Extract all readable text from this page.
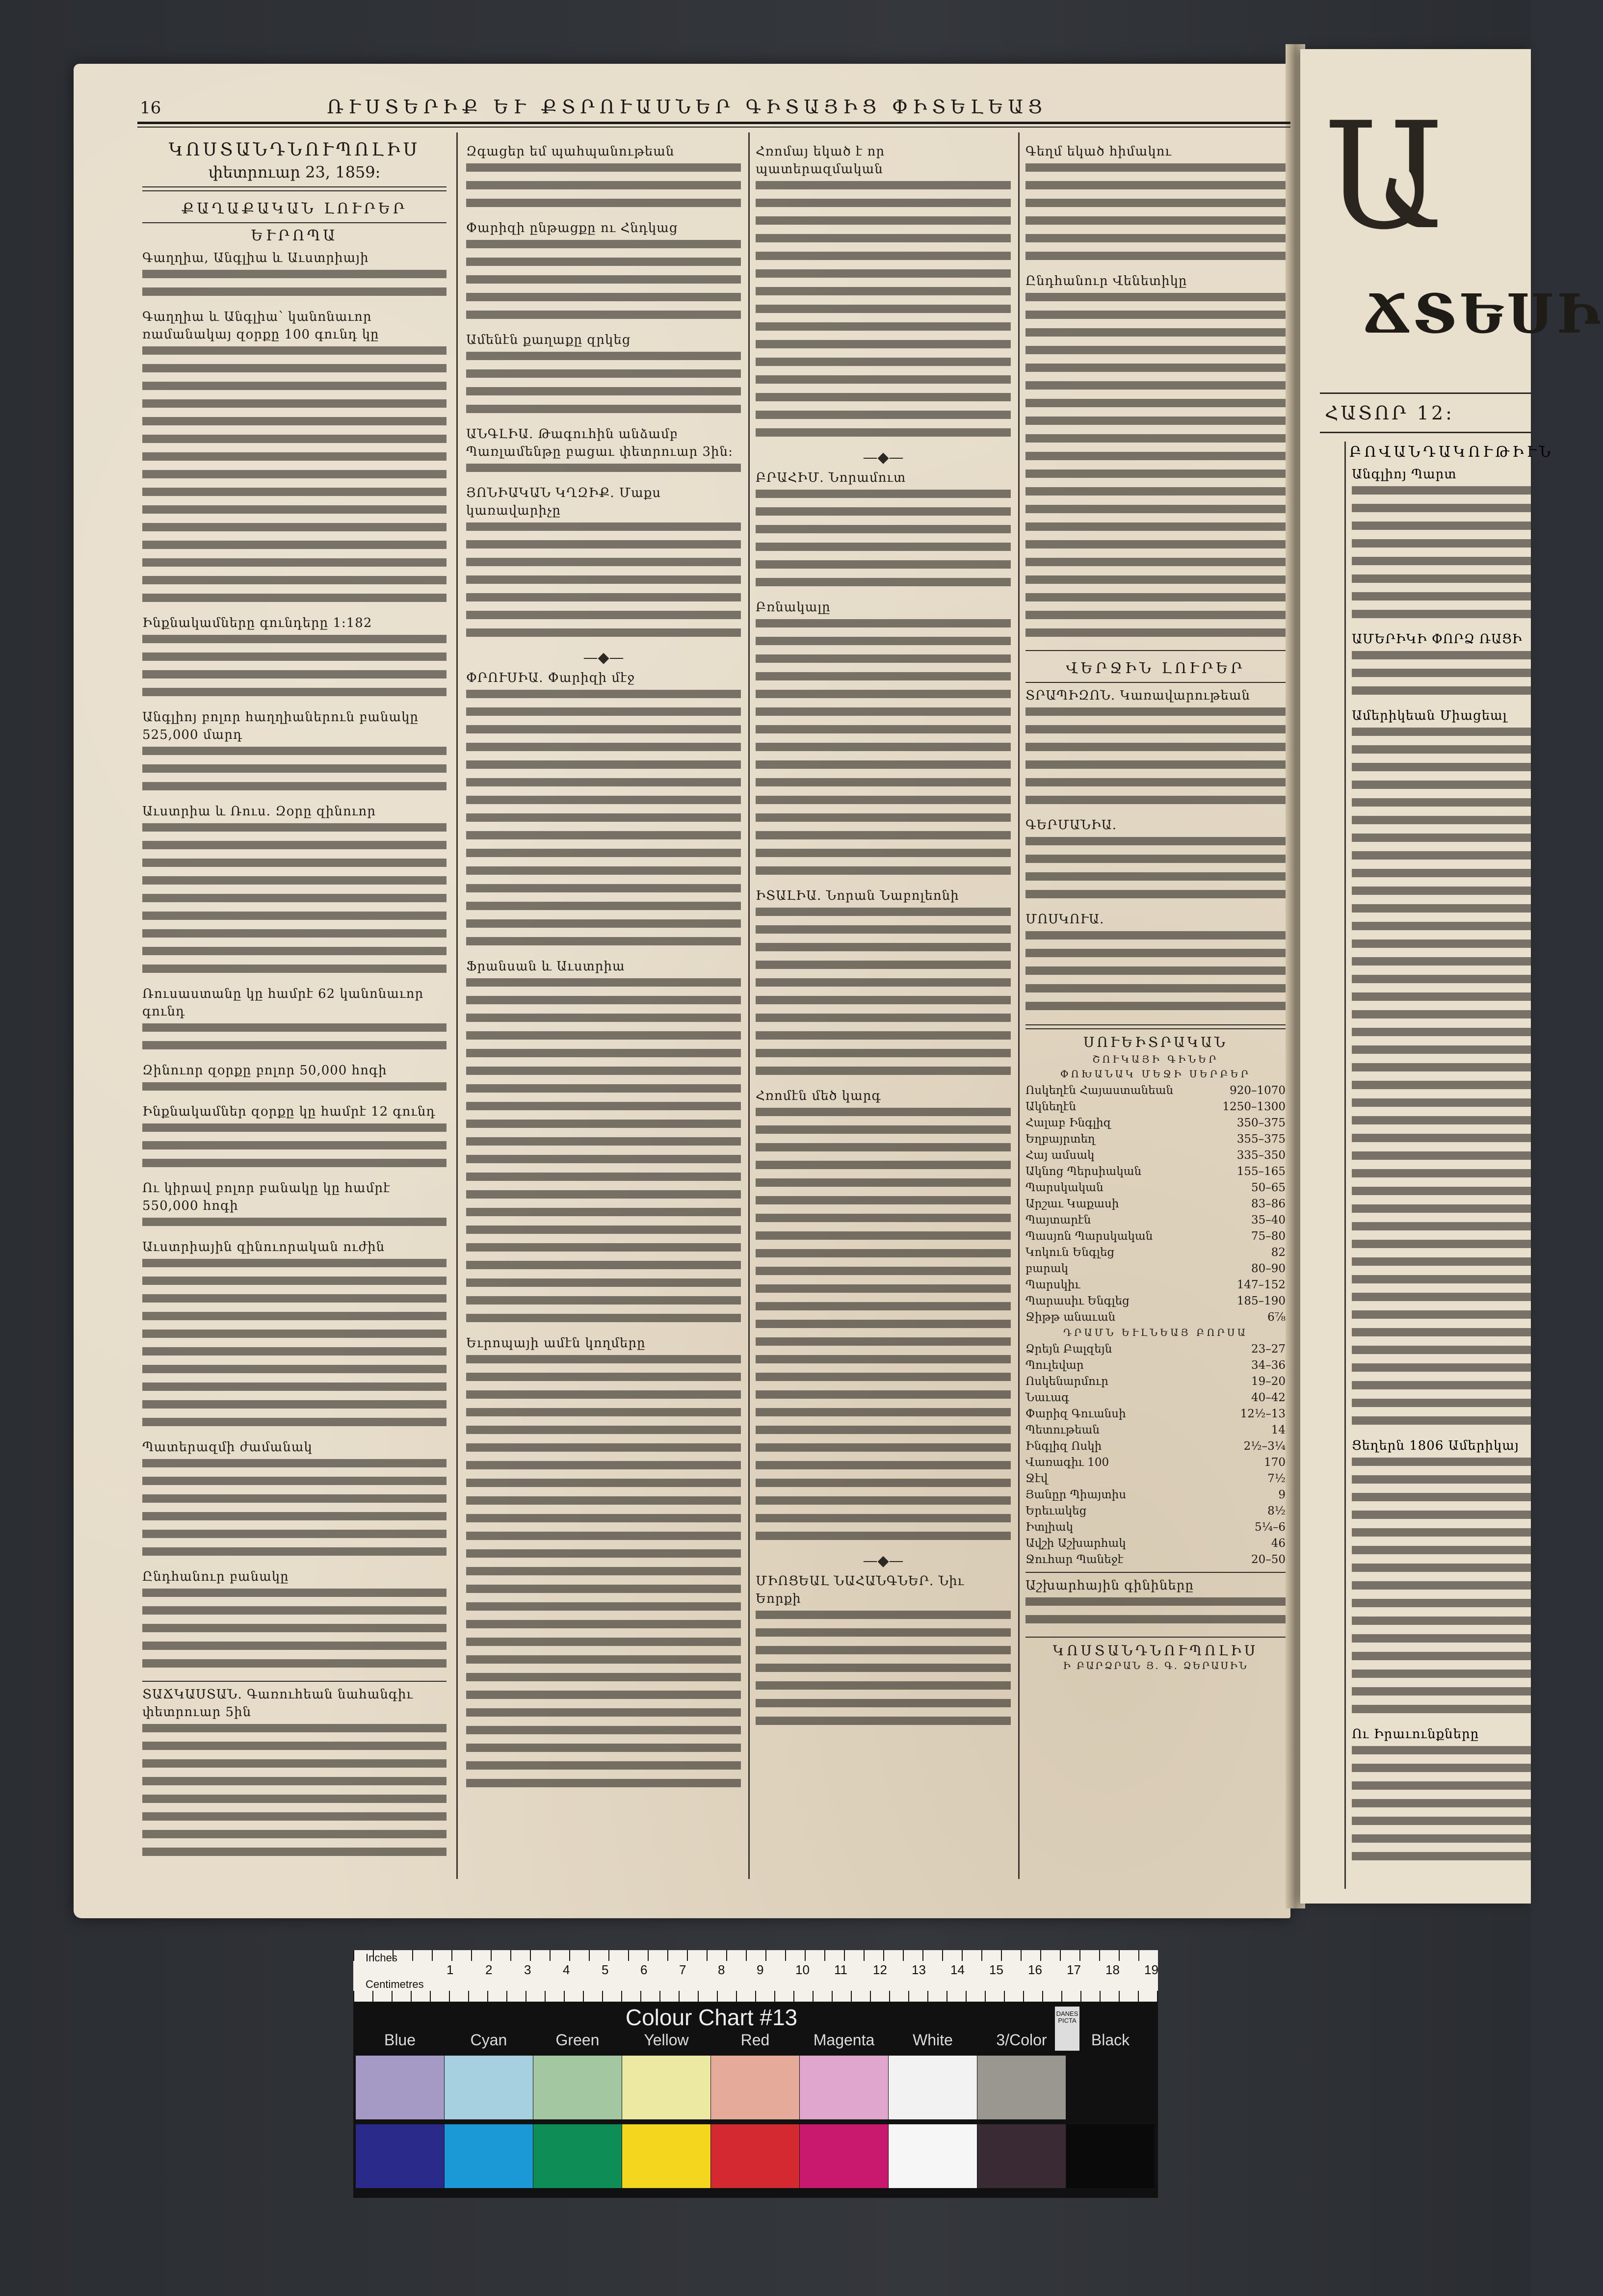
16	ՌՒՍՏԵՐԻՔ ԵՒ ՔՏՐՈՒԱՍՆԵՐ ԳԻՏԱՅԻՑ ՓԻՏԵԼԵԱՑ

ԿՈՍՏԱՆԴՆՈՒՊՈԼԻՍ

փետրուար 23, 1859:

ՔԱՂԱՔԱԿԱՆ ԼՈՒՐԵՐ

ԵՒՐՈՊԱ

Գաղղիա, Անգլիա և Աւստրիայի

Գաղղիա և Անգլիա՝ կանոնաւոր ռամանակայ զօրքը 100 գունդ կը

Ինքնակամները գունդերը 1:182

Անգլիոյ բոլոր հաղղիաներուն բանակը 525,000 մարդ

Աւստրիա և Ռուս. Զօրը զինուոր

Ռուսաստանը կը համրէ 62 կանոնաւոր գունդ

Զինուոր զօրքը բոլոր 50,000 հոգի

Ինքնակամներ զօրքը կը համրէ 12 գունդ

Ու կիրավ բոլոր բանակը կը համրէ 550,000 հոգի

Աւստրիային զինուորական ուժին

Պատերազմի ժամանակ

Ընդհանուր բանակը

ՏԱՃԿԱՍՏԱՆ. Գառուհեան նահանգիւ փետրուար 5ին

Զգացեր եմ պահպանութեան

Փարիզի ընթացքը ու Հնդկաց

Ամենէն քաղաքը զրկեց

ԱՆԳԼԻԱ. Թագուհին անձամբ Պառլամենթը բացաւ փետրուար 3ին:

ՅՈՆԻԱԿԱՆ ԿՂԶԻՔ. Մաքս կառավարիչը

—◆—

ՓՐՈՒՍԻԱ. Փարիզի մէջ

Ֆրանսան և Աւստրիա

Եւրոպայի ամէն կողմերը

Հռոմայ եկած է որ պատերազմական

—◆—

ԲՐԱՀԻՄ. Նորամուտ

Բռնակալը

ԻՏԱԼԻԱ. Նորան Նաբոլեոնի

Հռոմէն մեծ կարգ

—◆—

ՄԻՈՑԵԱԼ ՆԱՀԱՆԳՆԵՐ. Նիւ Եորքի

Գեղմ եկած հիմակու

Ընդհանուր Վենետիկը

ՎԵՐՋԻՆ ԼՈՒՐԵՐ

ՏՐԱՊԻԶՈՆ. Կառավարութեան

ԳԵՐՄԱՆԻԱ.

ՄՈՍԿՈՒԱ.

ՍՈՒԵԻՏՐԱԿԱՆ

ՇՈՒԿԱՅԻ ԳԻՆԵՐ

ՓՈԽԱՆԱԿ ՄԵՋԻ ՍԵՐԲԵՐ

Ոսկեղէն Հայաստանեան	920–1070
Ակնեղէն	1250–1300
Հալաբ Ինգլիզ	350–375
Եղբայրտեղ	355–375
Հայ ամսակ	335–350
Ակնոց Պերսիական	155–165
Պարսկական	50–65
Արշաւ Կաքասի	83–86
Պայտարէն	35–40
Պասյոն Պարսկական	75–80
Կոկուն Ենգլեց	82
բարակ	80–90
Պարսկիւ	147–152
Պարասիւ Ենգլեց	185–190
Ջիթթ անաւան	6⅞

ԴՐԱՄՆ ԵՒԼՆԵԱՅ ԲՈՐՍԱ

Ձրեյն Բալզեյն	23–27
Պուլեվար	34–36
Ոսկենարմուր	19–20
Նաւագ	40–42
Փարիզ Գուանսի	12½–13
Պետութեան	14
Ինգլիզ Ոսկի	2½–3¼
Վառագիւ 100	170
Ջէվ	7½
Յանըր Պիայտիս	9
Երեւակեց	8½
Իտլիակ	5¼–6
Ավշի Աշխարհակ	46
Ջուհար Պանեջէ	20–50

Աշխարհային գինիները

ԿՈՍՏԱՆԴՆՈՒՊՈԼԻՍ

Ի ԲԱՐՁՐԱՆ Յ. Գ. ՁԵՐԱՍԻՆ

Ա
ՃՏԵՍԻ
ՀԱՏՈՐ 12:

ԲՈՎԱՆԴԱԿՈՒԹԻՒՆ

Անգլիոյ Պարտ

ԱՄԵՐԻԿԻ ՓՈՐՁ ՌԱՑԻ

Ամերիկեան Միացեալ

Ցեղերն 1806 Ամերիկայ

Ու Իրաւունքները

Inches
Centimetres
1 2 3 4 5 6 7 8 9 10 11 12 13 14 15 16 17 18 19
Colour Chart #13	DANES PICTA
Blue	Cyan	Green	Yellow	Red	Magenta	White	3/Color	Black
